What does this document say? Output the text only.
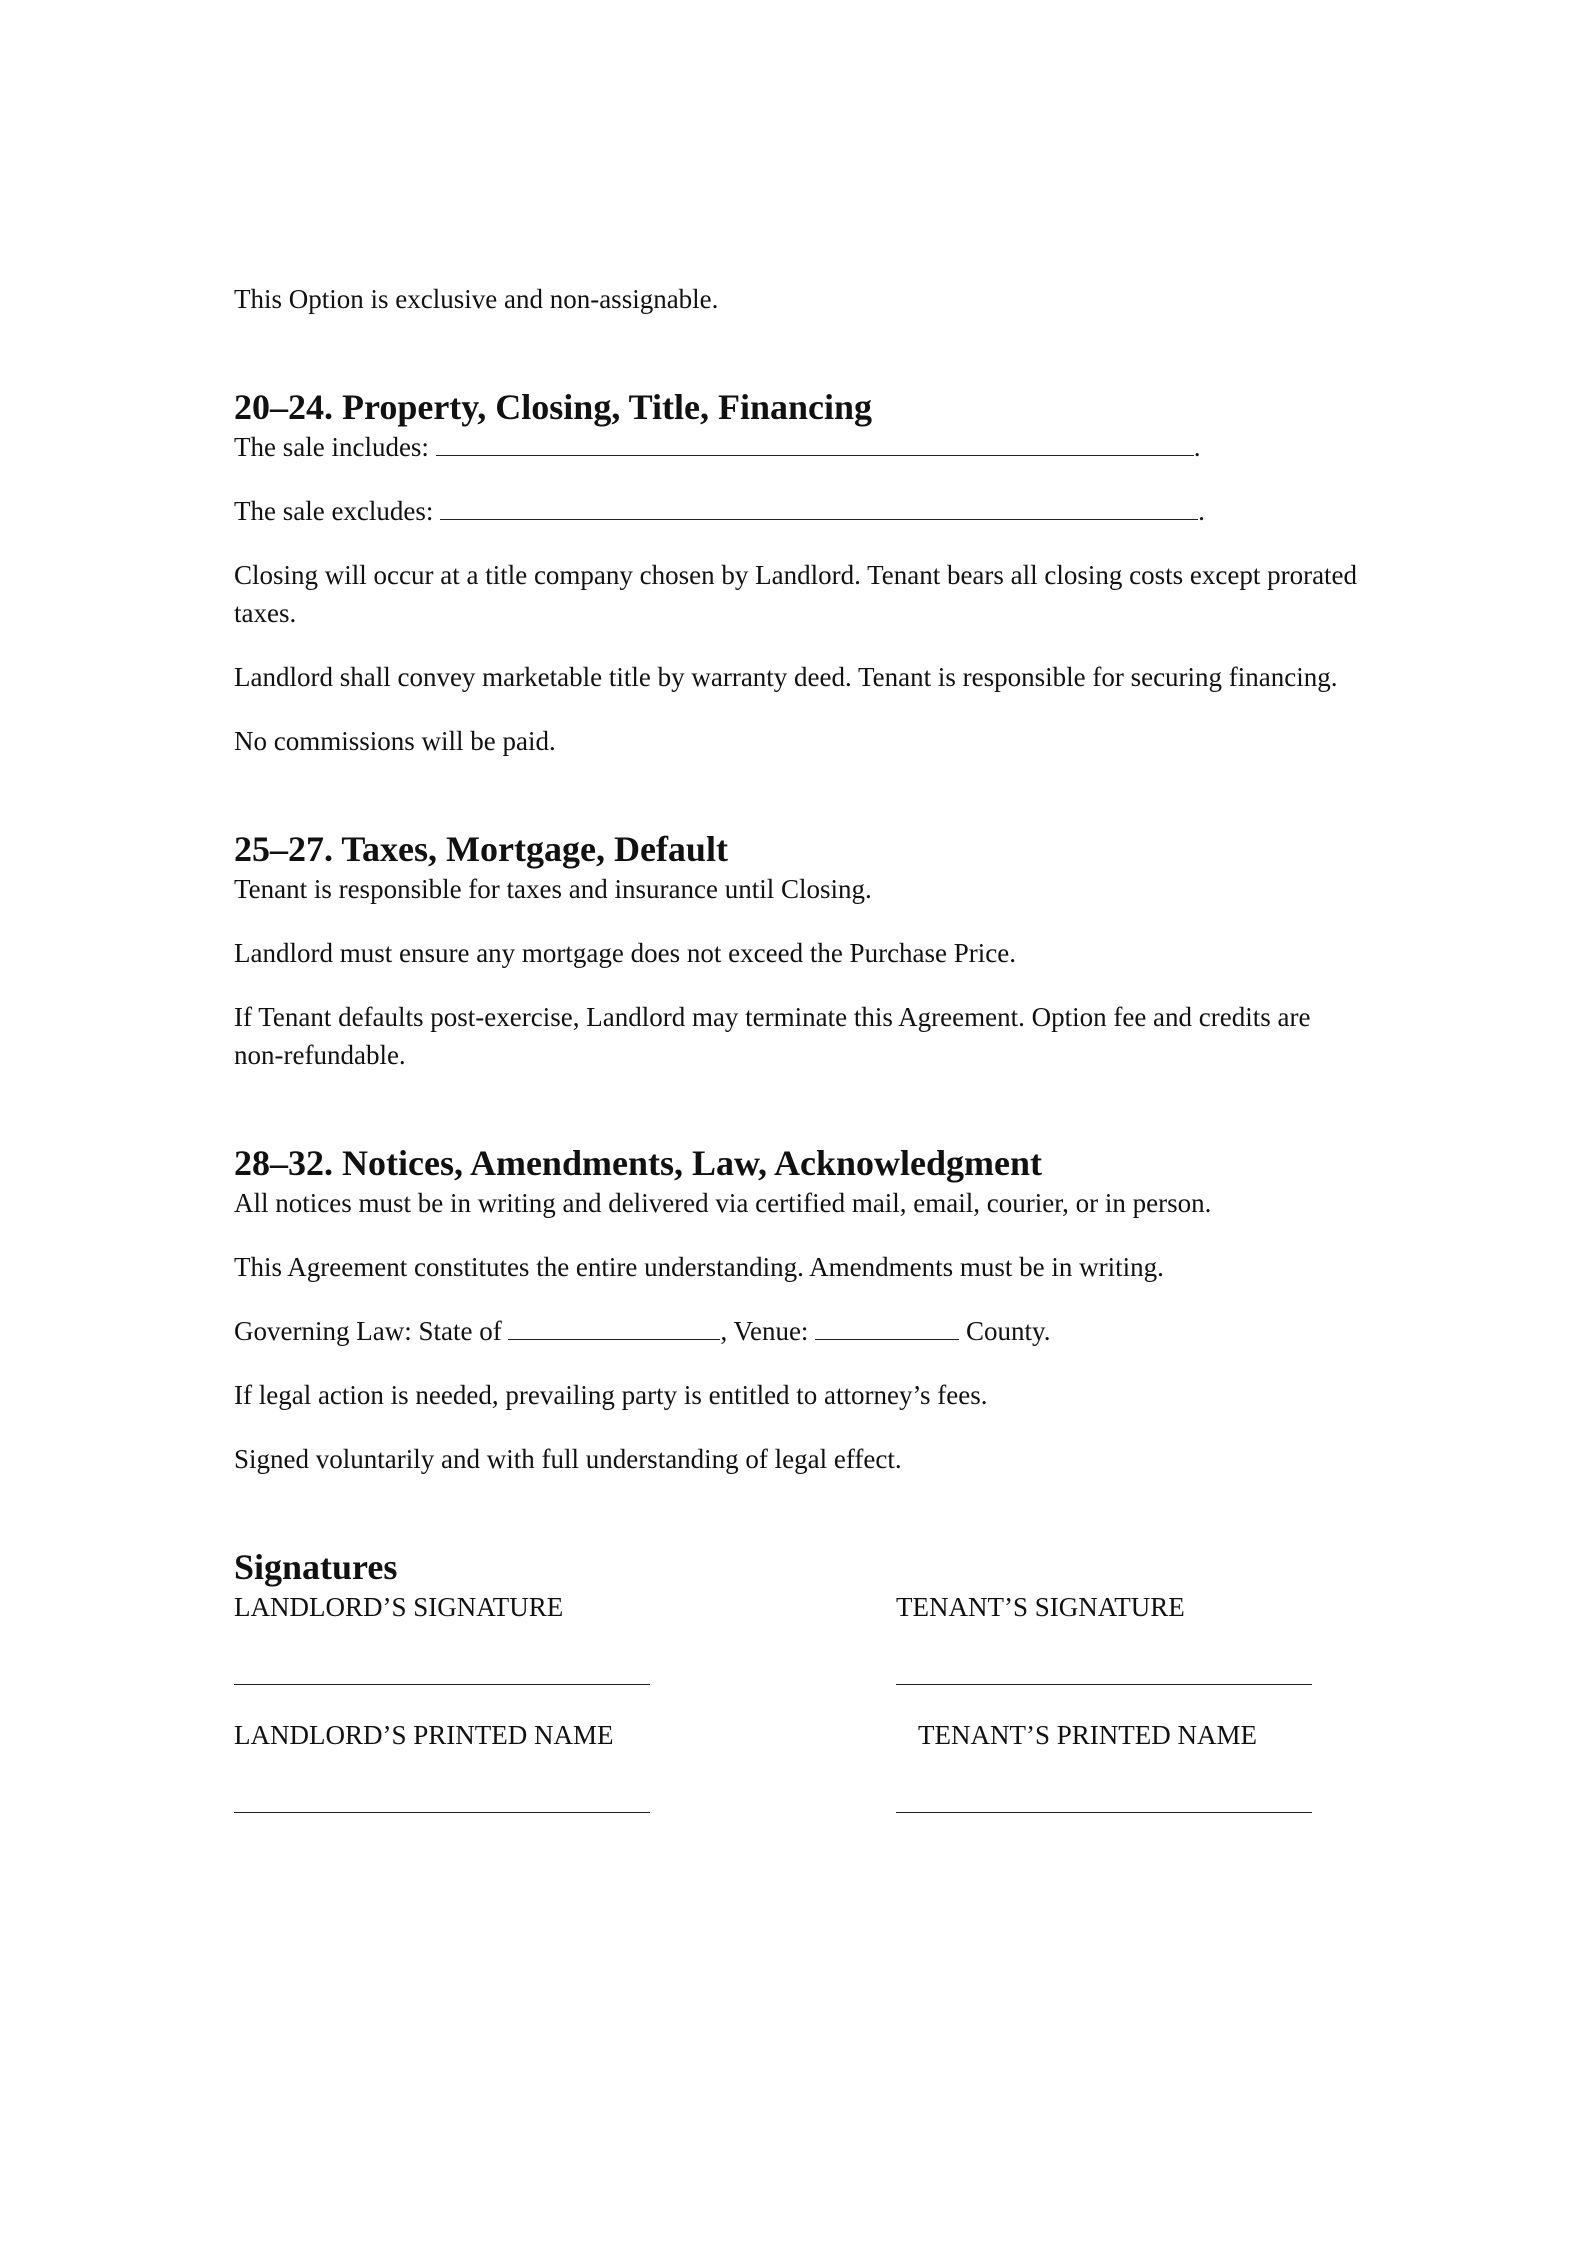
This Option is exclusive and non-assignable.

20–24. Property, Closing, Title, Financing

The sale includes:	.

The sale excludes:	.

Closing will occur at a title company chosen by Landlord. Tenant bears all closing costs except prorated taxes.

Landlord shall convey marketable title by warranty deed. Tenant is responsible for securing financing.

No commissions will be paid.

25–27. Taxes, Mortgage, Default

Tenant is responsible for taxes and insurance until Closing.

Landlord must ensure any mortgage does not exceed the Purchase Price.

If Tenant defaults post-exercise, Landlord may terminate this Agreement. Option fee and credits are non-refundable.

28–32. Notices, Amendments, Law, Acknowledgment

All notices must be in writing and delivered via certified mail, email, courier, or in person.

This Agreement constitutes the entire understanding. Amendments must be in writing.

Governing Law: State of	, Venue:	County.

If legal action is needed, prevailing party is entitled to attorney’s fees.

Signed voluntarily and with full understanding of legal effect.

Signatures
LANDLORD’S SIGNATURE	TENANT’S SIGNATURE
LANDLORD’S PRINTED NAME	TENANT’S PRINTED NAME
